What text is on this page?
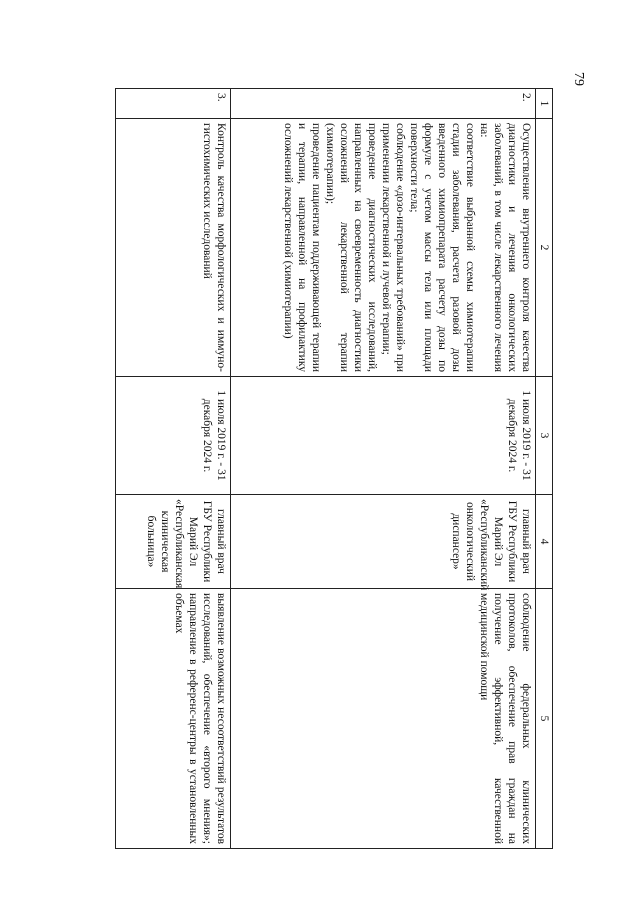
79
1	2	3	4	5
2.	Осуществление внутреннего контроля качества диагностики и лечения онкологических заболеваний, в том числе лекарственного лечения на:
соответствие выбранной схемы химиотерапии стадии заболевания, расчета разовой дозы введенного химиопрепарата расчету дозы по формуле с учетом массы тела или площади поверхности тела;
соблюдение «дозо-интервальных требований» при применении лекарственной и лучевой терапии;
проведение диагностических исследований, направленных на своевременность диагностики осложнений лекарственной терапии (химиотерапии);
проведение пациентам поддерживающей терапии и терапии, направленной на профилактику осложнений лекарственной (химиотерапии)	1 июля 2019 г. - 31 декабря 2024 г.	главный врач ГБУ Республики Марий Эл «Республиканский онкологический диспансер»	соблюдение федеральных клинических протоколов, обеспечение прав граждан на получение эффективной, качественной медицинской помощи
3.	Контроль качества морфологических и иммуно-гистохимических исследований	1 июля 2019 г. - 31 декабря 2024 г.	главный врач ГБУ Республики Марий Эл «Республиканская клиническая больница»	выявление возможных несоответствий результатов исследований, обеспечение «второго мнения»; направление в референс-центры в установленных объемах
